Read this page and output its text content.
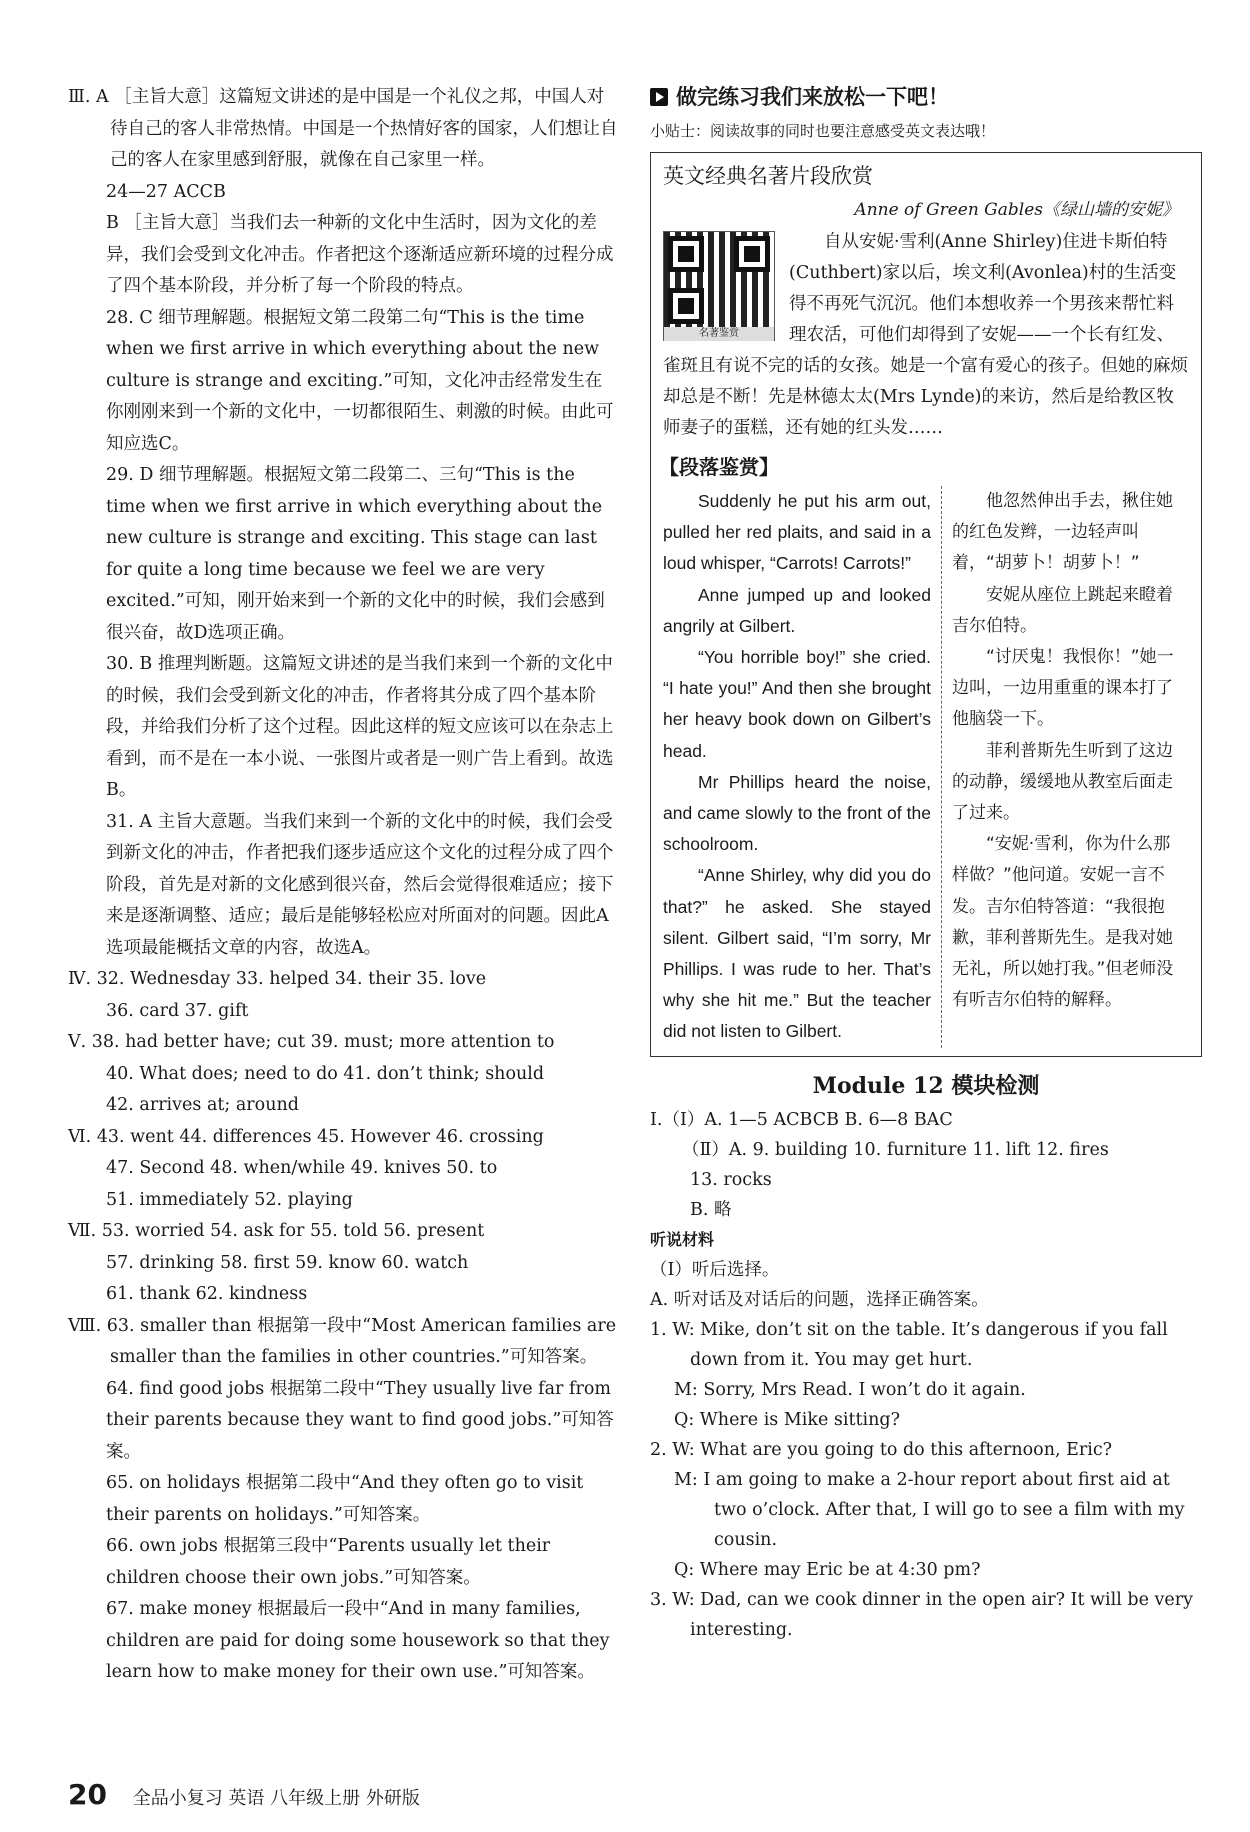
Ⅲ. A ［主旨大意］这篇短文讲述的是中国是一个礼仪之邦，中国人对待自己的客人非常热情。中国是一个热情好客的国家，人们想让自己的客人在家里感到舒服，就像在自己家里一样。

24—27 ACCB

B ［主旨大意］当我们去一种新的文化中生活时，因为文化的差异，我们会受到文化冲击。作者把这个逐渐适应新环境的过程分成了四个基本阶段，并分析了每一个阶段的特点。

28. C 细节理解题。根据短文第二段第二句“This is the time when we first arrive in which everything about the new culture is strange and exciting.”可知，文化冲击经常发生在你刚刚来到一个新的文化中，一切都很陌生、刺激的时候。由此可知应选C。

29. D 细节理解题。根据短文第二段第二、三句“This is the time when we first arrive in which everything about the new culture is strange and exciting. This stage can last for quite a long time because we feel we are very excited.”可知，刚开始来到一个新的文化中的时候，我们会感到很兴奋，故D选项正确。

30. B 推理判断题。这篇短文讲述的是当我们来到一个新的文化中的时候，我们会受到新文化的冲击，作者将其分成了四个基本阶段，并给我们分析了这个过程。因此这样的短文应该可以在杂志上看到，而不是在一本小说、一张图片或者是一则广告上看到。故选B。

31. A 主旨大意题。当我们来到一个新的文化中的时候，我们会受到新文化的冲击，作者把我们逐步适应这个文化的过程分成了四个阶段，首先是对新的文化感到很兴奋，然后会觉得很难适应；接下来是逐渐调整、适应；最后是能够轻松应对所面对的问题。因此A选项最能概括文章的内容，故选A。

Ⅳ. 32. Wednesday 33. helped 34. their 35. love

36. card 37. gift

Ⅴ. 38. had better have; cut 39. must; more attention to

40. What does; need to do 41. don’t think; should

42. arrives at; around

Ⅵ. 43. went 44. differences 45. However 46. crossing

47. Second 48. when/while 49. knives 50. to

51. immediately 52. playing

Ⅶ. 53. worried 54. ask for 55. told 56. present

57. drinking 58. first 59. know 60. watch

61. thank 62. kindness

Ⅷ. 63. smaller than 根据第一段中“Most American families are smaller than the families in other countries.”可知答案。

64. find good jobs 根据第二段中“They usually live far from their parents because they want to find good jobs.”可知答案。

65. on holidays 根据第二段中“And they often go to visit their parents on holidays.”可知答案。

66. own jobs 根据第三段中“Parents usually let their children choose their own jobs.”可知答案。

67. make money 根据最后一段中“And in many families, children are paid for doing some housework so that they learn how to make money for their own use.”可知答案。

做完练习我们来放松一下吧！
小贴士：阅读故事的同时也要注意感受英文表达哦！
英文经典名著片段欣赏
Anne of Green Gables《绿山墙的安妮》
名著鉴赏
自从安妮·雪利(Anne Shirley)住进卡斯伯特(Cuthbert)家以后，埃文利(Avonlea)村的生活变得不再死气沉沉。他们本想收养一个男孩来帮忙料理农活，可他们却得到了安妮——一个长有红发、雀斑且有说不完的话的女孩。她是一个富有爱心的孩子。但她的麻烦却总是不断！先是林德太太(Mrs Lynde)的来访，然后是给教区牧师妻子的蛋糕，还有她的红头发……
【段落鉴赏】

Suddenly he put his arm out, pulled her red plaits, and said in a loud whisper, “Carrots! Carrots!”

Anne jumped up and looked angrily at Gilbert.

“You horrible boy!” she cried. “I hate you!” And then she brought her heavy book down on Gilbert’s head.

Mr Phillips heard the noise, and came slowly to the front of the schoolroom.

“Anne Shirley, why did you do that?” he asked. She stayed silent. Gilbert said, “I’m sorry, Mr Phillips. I was rude to her. That’s why she hit me.” But the teacher did not listen to Gilbert.

他忽然伸出手去，揪住她的红色发辫，一边轻声叫着，“胡萝卜！胡萝卜！”

安妮从座位上跳起来瞪着吉尔伯特。

“讨厌鬼！我恨你！”她一边叫，一边用重重的课本打了他脑袋一下。

菲利普斯先生听到了这边的动静，缓缓地从教室后面走了过来。

“安妮·雪利，你为什么那样做？”他问道。安妮一言不发。吉尔伯特答道：“我很抱歉，菲利普斯先生。是我对她无礼，所以她打我。”但老师没有听吉尔伯特的解释。

Module 12 模块检测

Ⅰ.（Ⅰ）A. 1—5 ACBCB B. 6—8 BAC

（Ⅱ）A. 9. building 10. furniture 11. lift 12. fires

13. rocks

B. 略

听说材料

（Ⅰ）听后选择。

A. 听对话及对话后的问题，选择正确答案。

1. W: Mike, don’t sit on the table. It’s dangerous if you fall down from it. You may get hurt.

M: Sorry, Mrs Read. I won’t do it again.

Q: Where is Mike sitting?

2. W: What are you going to do this afternoon, Eric?

M: I am going to make a 2-hour report about first aid at two o’clock. After that, I will go to see a film with my cousin.

Q: Where may Eric be at 4:30 pm?

3. W: Dad, can we cook dinner in the open air? It will be very interesting.

20 全品小复习 英语 八年级上册 外研版
